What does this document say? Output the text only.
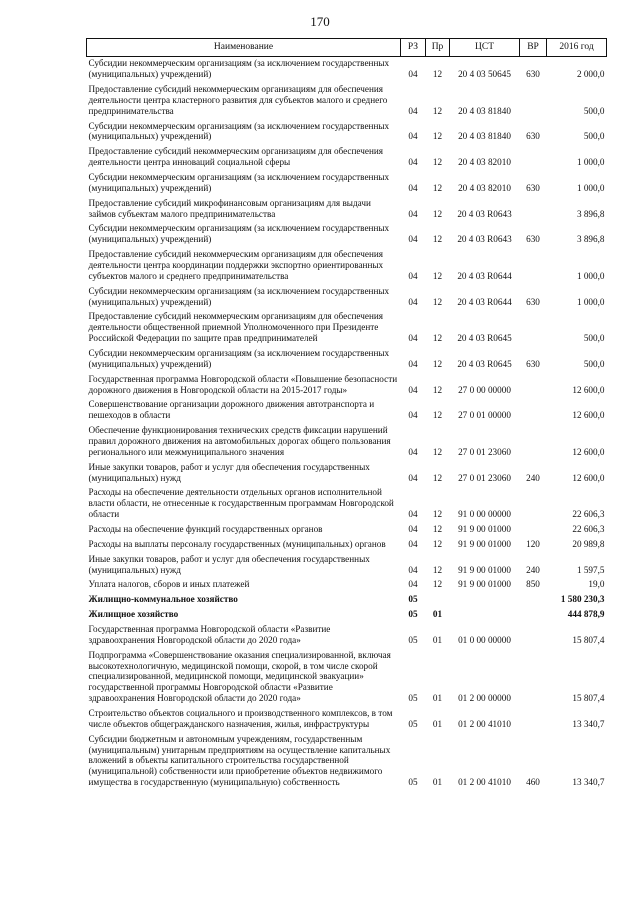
170
Наименование	РЗ	Пр	ЦСТ	ВР	2016 год
Субсидии некоммерческим организациям (за исключением государственных (муниципальных) учреждений)	04	12	20 4 03 50645	630	2 000,0
Предоставление субсидий некоммерческим организациям для обеспечения деятельности центра кластерного развития для субъектов малого и среднего предпринимательства	04	12	20 4 03 81840		500,0
Субсидии некоммерческим организациям (за исключением государственных (муниципальных) учреждений)	04	12	20 4 03 81840	630	500,0
Предоставление субсидий некоммерческим организациям для обеспечения деятельности центра инноваций социальной сферы	04	12	20 4 03 82010		1 000,0
Субсидии некоммерческим организациям (за исключением государственных (муниципальных) учреждений)	04	12	20 4 03 82010	630	1 000,0
Предоставление субсидий микрофинансовым организациям для выдачи займов субъектам малого предпринимательства	04	12	20 4 03 R0643		3 896,8
Субсидии некоммерческим организациям (за исключением государственных (муниципальных) учреждений)	04	12	20 4 03 R0643	630	3 896,8
Предоставление субсидий некоммерческим организациям для обеспечения деятельности центра координации поддержки экспортно ориентированных субъектов малого и среднего предпринимательства	04	12	20 4 03 R0644		1 000,0
Субсидии некоммерческим организациям (за исключением государственных (муниципальных) учреждений)	04	12	20 4 03 R0644	630	1 000,0
Предоставление субсидий некоммерческим организациям для обеспечения деятельности общественной приемной Уполномоченного при Президенте Российской Федерации по защите прав предпринимателей	04	12	20 4 03 R0645		500,0
Субсидии некоммерческим организациям (за исключением государственных (муниципальных) учреждений)	04	12	20 4 03 R0645	630	500,0
Государственная программа Новгородской области «Повышение безопасности дорожного движения в Новгородской области на 2015-2017 годы»	04	12	27 0 00 00000		12 600,0
Совершенствование организации дорожного движения автотранспорта и пешеходов в области	04	12	27 0 01 00000		12 600,0
Обеспечение функционирования технических средств фиксации нарушений правил дорожного движения на автомобильных дорогах общего пользования регионального или межмуниципального значения	04	12	27 0 01 23060		12 600,0
Иные закупки товаров, работ и услуг для обеспечения государственных (муниципальных) нужд	04	12	27 0 01 23060	240	12 600,0
Расходы на обеспечение деятельности отдельных органов исполнительной власти области, не отнесенные к государственным программам Новгородской области	04	12	91 0 00 00000		22 606,3
Расходы на обеспечение функций государственных органов	04	12	91 9 00 01000		22 606,3
Расходы на выплаты персоналу государственных (муниципальных) органов	04	12	91 9 00 01000	120	20 989,8
Иные закупки товаров, работ и услуг для обеспечения государственных (муниципальных) нужд	04	12	91 9 00 01000	240	1 597,5
Уплата налогов, сборов и иных платежей	04	12	91 9 00 01000	850	19,0
Жилищно-коммунальное хозяйство	05				1 580 230,3
Жилищное хозяйство	05	01			444 878,9
Государственная программа Новгородской области «Развитие здравоохранения Новгородской области до 2020 года»	05	01	01 0 00 00000		15 807,4
Подпрограмма «Совершенствование оказания специализированной, включая высокотехнологичную, медицинской помощи, скорой, в том числе скорой специализированной, медицинской помощи, медицинской эвакуации» государственной программы Новгородской области «Развитие здравоохранения Новгородской области до 2020 года»	05	01	01 2 00 00000		15 807,4
Строительство объектов социального и производственного комплексов, в том числе объектов общегражданского назначения, жилья, инфраструктуры	05	01	01 2 00 41010		13 340,7
Субсидии бюджетным и автономным учреждениям, государственным (муниципальным) унитарным предприятиям на осуществление капитальных вложений в объекты капитального строительства государственной (муниципальной) собственности или приобретение объектов недвижимого имущества в государственную (муниципальную) собственность	05	01	01 2 00 41010	460	13 340,7
